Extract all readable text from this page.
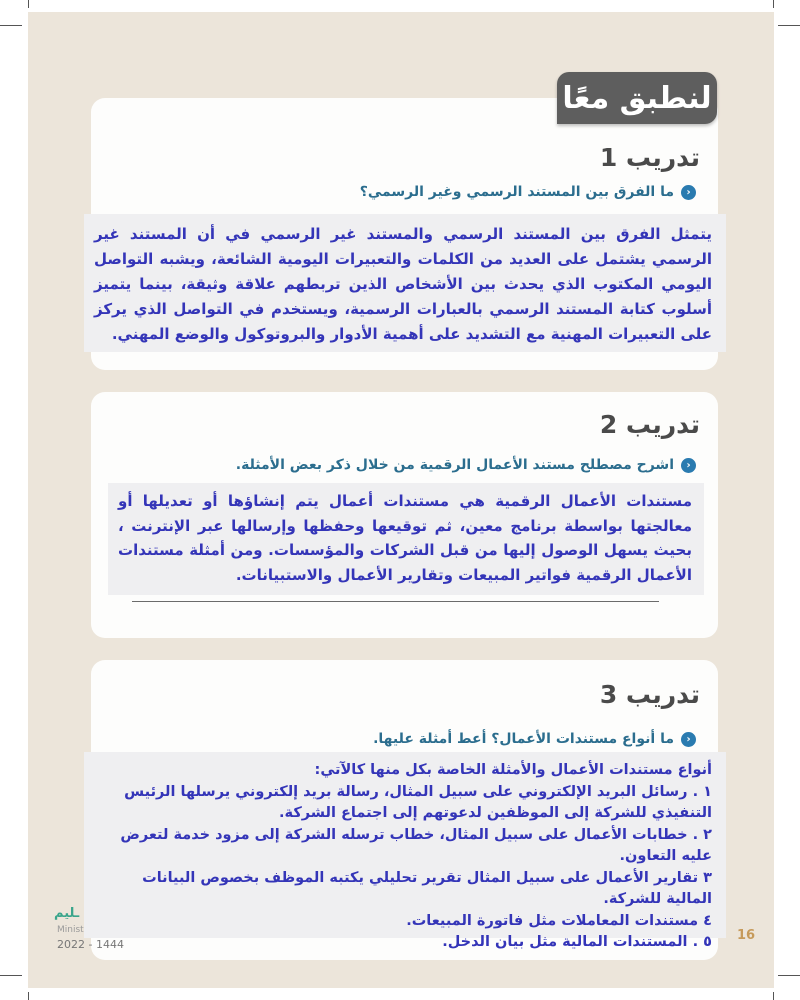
لنطبق معًا
تدريب 1
‹
ما الفرق بين المستند الرسمي وغير الرسمي؟

يتمثل الفرق بين المستند الرسمي والمستند غير الرسمي في أن المستند غير الرسمي يشتمل على العديد من الكلمات والتعبيرات اليومية الشائعة، ويشبه التواصل اليومي المكتوب الذي يحدث بين الأشخاص الذين تربطهم علاقة وثيقة، بينما يتميز أسلوب كتابة المستند الرسمي بالعبارات الرسمية، ويستخدم في التواصل الذي يركز على التعبيرات المهنية مع التشديد على أهمية الأدوار والبروتوكول والوضع المهني.

تدريب 2
‹
اشرح مصطلح مستند الأعمال الرقمية من خلال ذكر بعض الأمثلة.

مستندات الأعمال الرقمية هي مستندات أعمال يتم إنشاؤها أو تعديلها أو معالجتها بواسطة برنامج معين، ثم توقيعها وحفظها وإرسالها عبر الإنترنت ، بحيث يسهل الوصول إليها من قبل الشركات والمؤسسات. ومن أمثلة مستندات الأعمال الرقمية فواتير المبيعات وتقارير الأعمال والاستبيانات.

تدريب 3
‹
ما أنواع مستندات الأعمال؟ أعط أمثلة عليها.

أنواع مستندات الأعمال والأمثلة الخاصة بكل منها كالآتي:

١ . رسائل البريد الإلكتروني على سبيل المثال، رسالة بريد إلكتروني يرسلها الرئيس التنفيذي للشركة إلى الموظفين لدعوتهم إلى اجتماع الشركة.

٢ . خطابات الأعمال على سبيل المثال، خطاب ترسله الشركة إلى مزود خدمة لتعرض عليه التعاون.

٣ تقارير الأعمال على سبيل المثال تقرير تحليلي يكتبه الموظف بخصوص البيانات المالية للشركة.

٤ مستندات المعاملات مثل فاتورة المبيعات.

٥ . المستندات المالية مثل بيان الدخل.

ـليم
Minist
2022 - 1444
16
